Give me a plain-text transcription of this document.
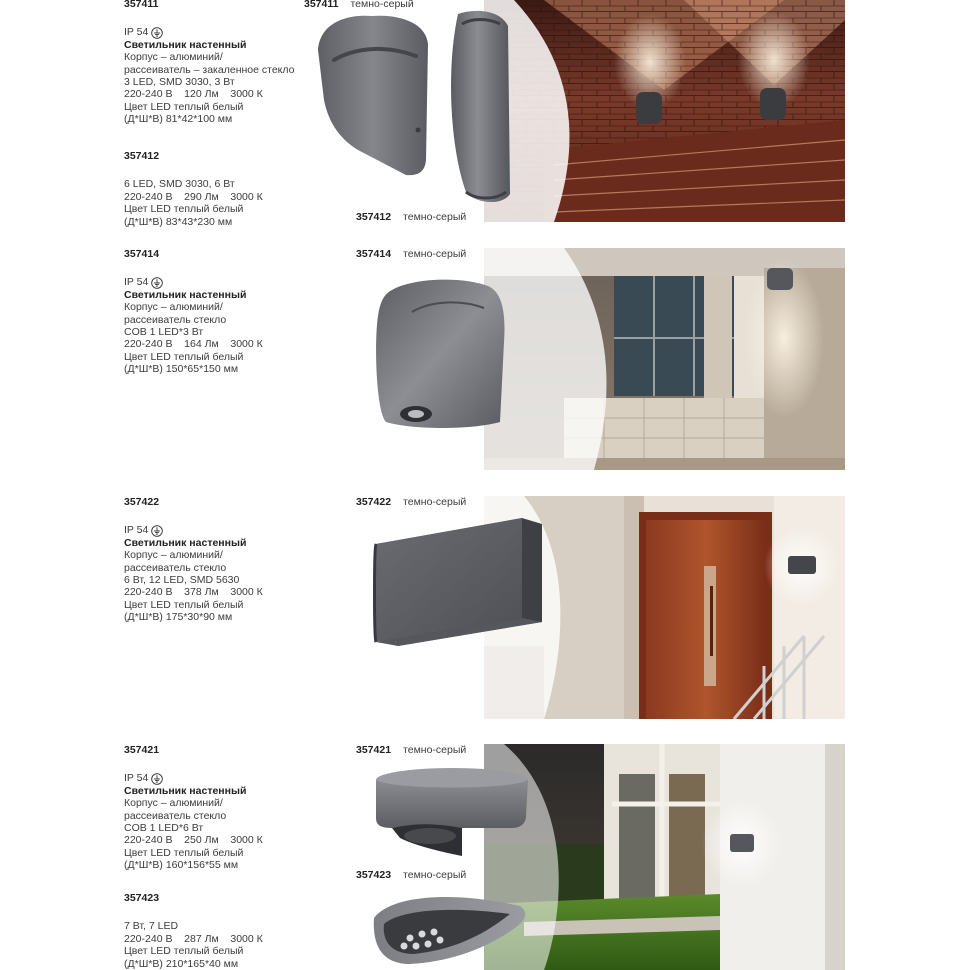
357411
IP 54
Светильник настенный
Корпус – алюминий/
рассеиватель – закаленное стекло
3 LED, SMD 3030, 3 Вт
220-240 В 120 Лм 3000 К
Цвет LED теплый белый
(Д*Ш*В) 81*42*100 мм
357412
6 LED, SMD 3030, 6 Вт
220-240 В 290 Лм 3000 К
Цвет LED теплый белый
(Д*Ш*В) 83*43*230 мм
357414
IP 54
Светильник настенный
Корпус – алюминий/
рассеиватель стекло
COB 1 LED*3 Вт
220-240 В 164 Лм 3000 К
Цвет LED теплый белый
(Д*Ш*В) 150*65*150 мм
357422
IP 54
Светильник настенный
Корпус – алюминий/
рассеиватель стекло
6 Вт, 12 LED, SMD 5630
220-240 В 378 Лм 3000 К
Цвет LED теплый белый
(Д*Ш*В) 175*30*90 мм
357421
IP 54
Светильник настенный
Корпус – алюминий/
рассеиватель стекло
COB 1 LED*6 Вт
220-240 В 250 Лм 3000 К
Цвет LED теплый белый
(Д*Ш*В) 160*156*55 мм
357423
7 Вт, 7 LED
220-240 В 287 Лм 3000 К
Цвет LED теплый белый
(Д*Ш*В) 210*165*40 мм
357411 темно-серый
357412 темно-серый
357414 темно-серый
357422 темно-серый
357421 темно-серый
357423 темно-серый
